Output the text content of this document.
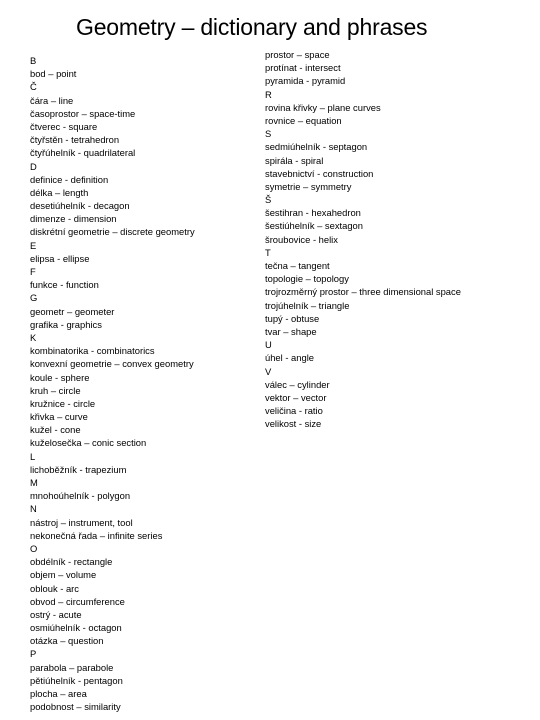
Geometry – dictionary and phrases
B
bod – point
Č
čára – line
časoprostor – space-time
čtverec - square
čtyřstěn - tetrahedron
čtyřúhelník - quadrilateral
D
definice - definition
délka – length
desetiúhelník - decagon
dimenze - dimension
diskrétní geometrie – discrete geometry
E
elipsa - ellipse
F
funkce - function
G
geometr – geometer
grafika - graphics
K
kombinatorika - combinatorics
konvexní geometrie – convex geometry
koule - sphere
kruh – circle
kružnice - circle
křivka – curve
kužel - cone
kuželosečka – conic section
L
lichoběžník - trapezium
M
mnohoúhelník - polygon
N
nástroj – instrument, tool
nekonečná řada – infinite series
O
obdélník - rectangle
objem – volume
oblouk - arc
obvod – circumference
ostrý - acute
osmiúhelník - octagon
otázka – question
P
parabola – parabole
pětiúhelník - pentagon
plocha – area
podobnost – similarity
prostor – space
protínat - intersect
pyramida - pyramid
R
rovina křivky – plane curves
rovnice – equation
S
sedmiúhelník - septagon
spirála - spiral
stavebnictví - construction
symetrie – symmetry
Š
šestihran - hexahedron
šestiúhelník – sextagon
šroubovice - helix
T
tečna – tangent
topologie – topology
trojrozměrný prostor – three dimensional space
trojúhelník – triangle
tupý - obtuse
tvar – shape
U
úhel - angle
V
válec – cylinder
vektor – vector
veličina - ratio
velikost - size
